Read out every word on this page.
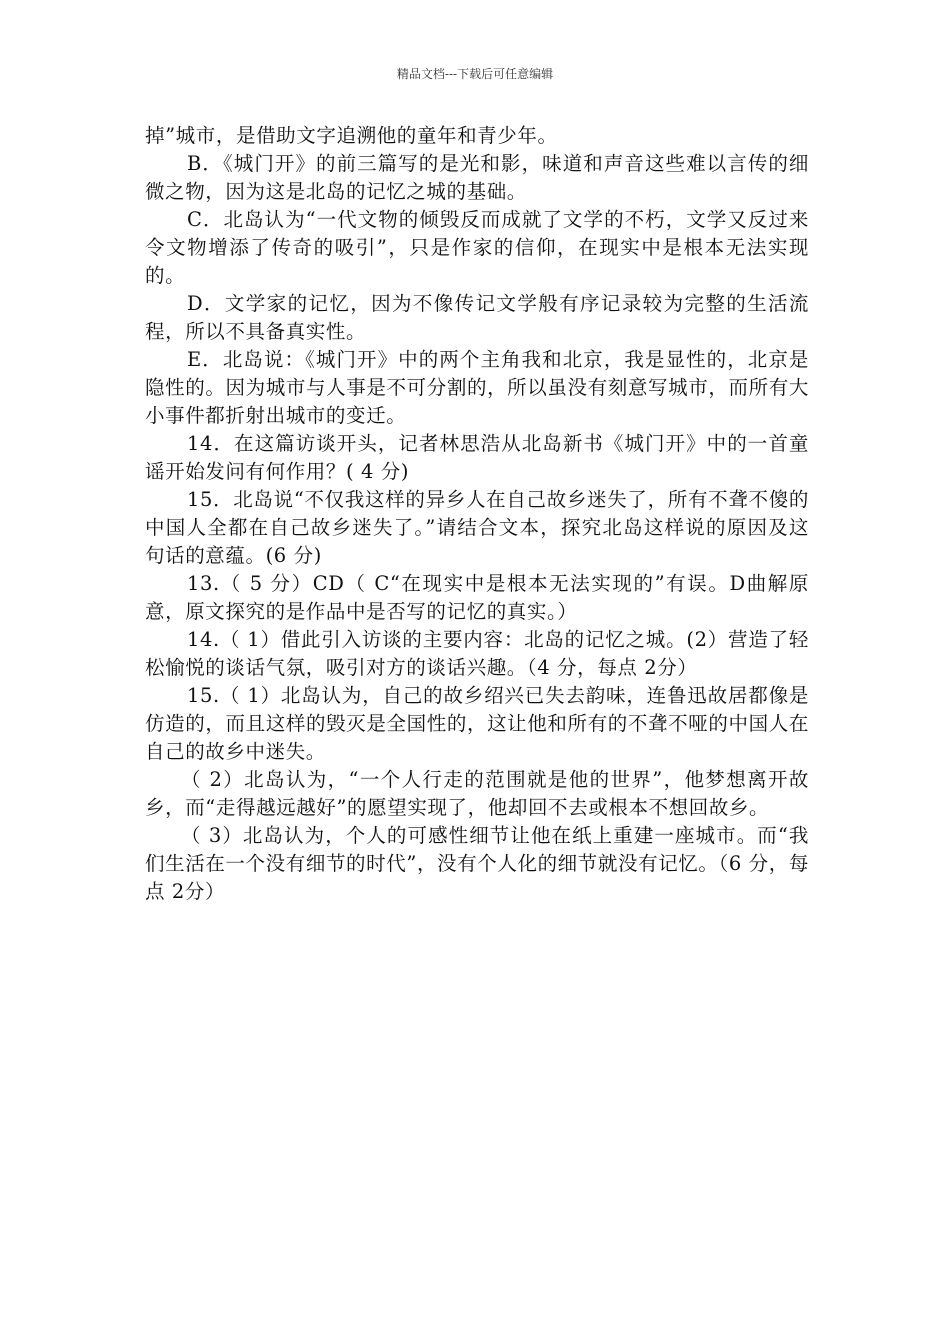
精品文档---下载后可任意编辑

掉”城市，是借助文字追溯他的童年和青少年。

B．《城门开》的前三篇写的是光和影，味道和声音这些难以言传的细微之物，因为这是北岛的记忆之城的基础。

C．北岛认为“一代文物的倾毁反而成就了文学的不朽，文学又反过来令文物增添了传奇的吸引”，只是作家的信仰，在现实中是根本无法实现的。

D．文学家的记忆，因为不像传记文学般有序记录较为完整的生活流程，所以不具备真实性。

E．北岛说：《城门开》中的两个主角我和北京，我是显性的，北京是隐性的。因为城市与人事是不可分割的，所以虽没有刻意写城市，而所有大小事件都折射出城市的变迁。

14．在这篇访谈开头，记者林思浩从北岛新书《城门开》中的一首童谣开始发问有何作用？( 4 分)

15．北岛说“不仅我这样的异乡人在自己故乡迷失了，所有不聋不傻的中国人全都在自己故乡迷失了。”请结合文本，探究北岛这样说的原因及这句话的意蕴。(6 分)

13.（ 5 分）CD（ C“在现实中是根本无法实现的”有误。D曲解原意，原文探究的是作品中是否写的记忆的真实。）

14.（ 1）借此引入访谈的主要内容：北岛的记忆之城。(2）营造了轻松愉悦的谈话气氛，吸引对方的谈话兴趣。（4 分，每点 2分）

15.（ 1）北岛认为，自己的故乡绍兴已失去韵味，连鲁迅故居都像是仿造的，而且这样的毁灭是全国性的，这让他和所有的不聋不哑的中国人在自己的故乡中迷失。

（ 2）北岛认为，“一个人行走的范围就是他的世界”，他梦想离开故乡，而“走得越远越好”的愿望实现了，他却回不去或根本不想回故乡。

（ 3）北岛认为，个人的可感性细节让他在纸上重建一座城市。而“我们生活在一个没有细节的时代”，没有个人化的细节就没有记忆。（6 分，每点 2分）
